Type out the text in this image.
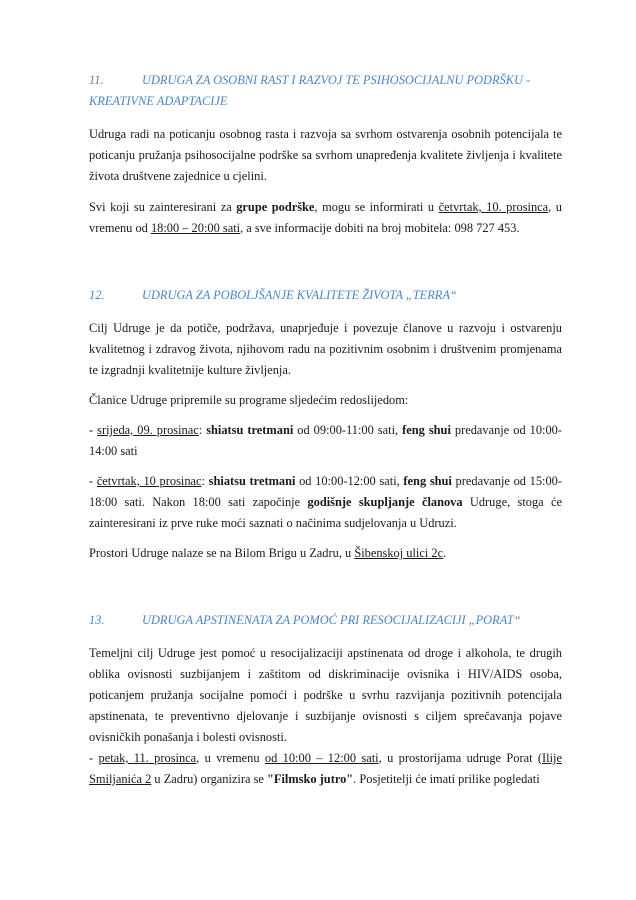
11.	UDRUGA ZA OSOBNI RAST I RAZVOJ TE PSIHOSOCIJALNU PODRŠKU -

KREATIVNE ADAPTACIJE

Udruga radi na poticanju osobnog rasta i razvoja sa svrhom ostvarenja osobnih potencijala te poticanju pružanja psihosocijalne podrške sa svrhom unapređenja kvalitete življenja i kvalitete života društvene zajednice u cjelini.

Svi koji su zainteresirani za grupe podrške, mogu se informirati u četvrtak, 10. prosinca, u vremenu od 18:00 – 20:00 sati, a sve informacije dobiti na broj mobitela: 098 727 453.

12.	UDRUGA ZA POBOLJŠANJE KVALITETE ŽIVOTA „TERRA“

Cilj Udruge je da potiče, podržava, unaprjeđuje i povezuje članove u razvoju i ostvarenju kvalitetnog i zdravog života, njihovom radu na pozitivnim osobnim i društvenim promjenama te izgradnji kvalitetnije kulture življenja.

Članice Udruge pripremile su programe sljedećim redoslijedom:

- srijeda, 09. prosinac: shiatsu tretmani od 09:00-11:00 sati, feng shui predavanje od 10:00-14:00 sati

- četvrtak, 10 prosinac: shiatsu tretmani od 10:00-12:00 sati, feng shui predavanje od 15:00-18:00 sati. Nakon 18:00 sati započinje godišnje skupljanje članova Udruge, stoga će zainteresirani iz prve ruke moći saznati o načinima sudjelovanja u Udruzi.

Prostori Udruge nalaze se na Bilom Brigu u Zadru, u Šibenskoj ulici 2c.

13.	UDRUGA APSTINENATA ZA POMOĆ PRI RESOCIJALIZACIJI „PORAT“

Temeljni cilj Udruge jest pomoć u resocijalizaciji apstinenata od droge i alkohola, te drugih oblika ovisnosti suzbijanjem i zaštitom od diskriminacije ovisnika i HIV/AIDS osoba, poticanjem pružanja socijalne pomoći i podrške u svrhu razvijanja pozitivnih potencijala apstinenata, te preventivno djelovanje i suzbijanje ovisnosti s ciljem sprečavanja pojave ovisničkih ponašanja i bolesti ovisnosti.

- petak, 11. prosinca, u vremenu od 10:00 – 12:00 sati, u prostorijama udruge Porat (Ilije Smiljanića 2 u Zadru) organizira se "Filmsko jutro". Posjetitelji će imati prilike pogledati
